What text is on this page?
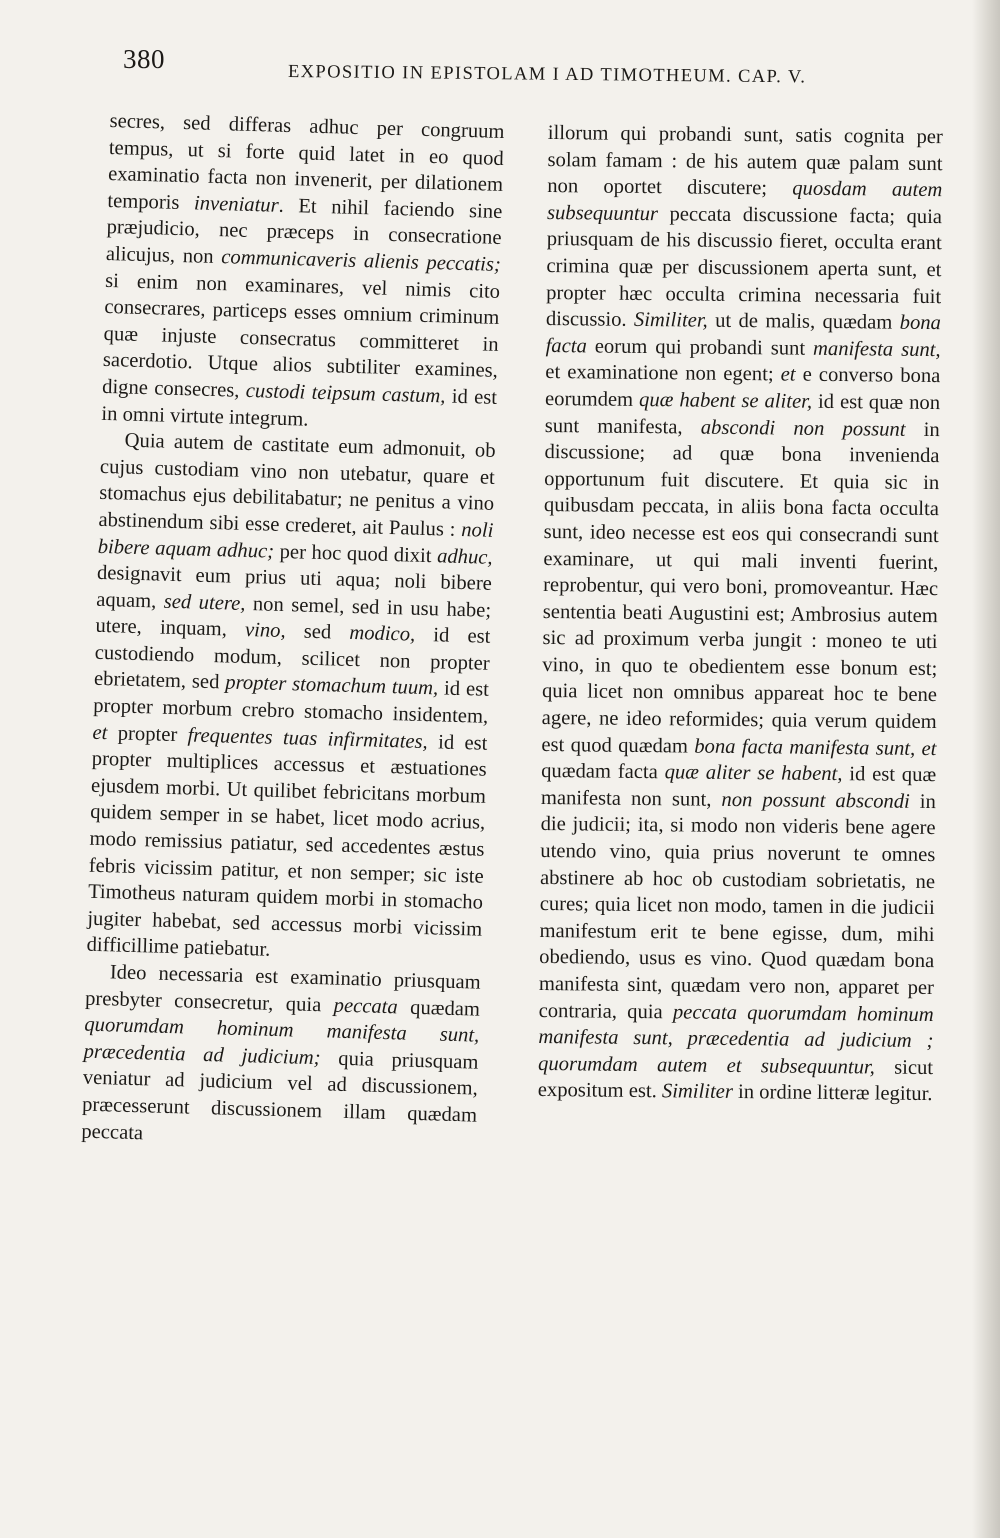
380
EXPOSITIO IN EPISTOLAM I AD TIMOTHEUM. CAP. V.

secres, sed differas adhuc per congruum tempus, ut si forte quid latet in eo quod examinatio facta non invenerit, per dilationem temporis inveniatur. Et nihil faciendo sine præjudicio, nec præceps in consecratione alicujus, non communicaveris alienis peccatis; si enim non examinares, vel nimis cito consecrares, particeps esses omnium criminum quæ injuste consecratus committeret in sacerdotio. Utque alios subtiliter examines, digne consecres, custodi teipsum castum, id est in omni virtute integrum.

Quia autem de castitate eum admonuit, ob cujus custodiam vino non utebatur, quare et stomachus ejus debilitabatur; ne penitus a vino abstinendum sibi esse crederet, ait Paulus : noli bibere aquam adhuc; per hoc quod dixit adhuc, designavit eum prius uti aqua; noli bibere aquam, sed utere, non semel, sed in usu habe; utere, inquam, vino, sed modico, id est custodiendo modum, scilicet non propter ebrietatem, sed propter stomachum tuum, id est propter morbum crebro stomacho insidentem, et propter frequentes tuas infirmitates, id est propter multiplices accessus et æstuationes ejusdem morbi. Ut quilibet febricitans morbum quidem semper in se habet, licet modo acrius, modo remissius patiatur, sed accedentes æstus febris vicissim patitur, et non semper; sic iste Timotheus naturam quidem morbi in stomacho jugiter habebat, sed accessus morbi vicissim difficillime patiebatur.

Ideo necessaria est examinatio priusquam presbyter consecretur, quia peccata quædam quorumdam hominum manifesta sunt, præcedentia ad judicium; quia priusquam veniatur ad judicium vel ad discussionem, præcesserunt discussionem illam quædam peccata

illorum qui probandi sunt, satis cognita per solam famam : de his autem quæ palam sunt non oportet discutere; quosdam autem subsequuntur peccata discussione facta; quia priusquam de his discussio fieret, occulta erant crimina quæ per discussionem aperta sunt, et propter hæc occulta crimina necessaria fuit discussio. Similiter, ut de malis, quædam bona facta eorum qui probandi sunt manifesta sunt, et examinatione non egent; et e converso bona eorumdem quæ habent se aliter, id est quæ non sunt manifesta, abscondi non possunt in discussione; ad quæ bona invenienda opportunum fuit discutere. Et quia sic in quibusdam peccata, in aliis bona facta occulta sunt, ideo necesse est eos qui consecrandi sunt examinare, ut qui mali inventi fuerint, reprobentur, qui vero boni, promoveantur. Hæc sententia beati Augustini est; Ambrosius autem sic ad proximum verba jungit : moneo te uti vino, in quo te obedientem esse bonum est; quia licet non omnibus appareat hoc te bene agere, ne ideo reformides; quia verum quidem est quod quædam bona facta manifesta sunt, et quædam facta quæ aliter se habent, id est quæ manifesta non sunt, non possunt abscondi in die judicii; ita, si modo non videris bene agere utendo vino, quia prius noverunt te omnes abstinere ab hoc ob custodiam sobrietatis, ne cures; quia licet non modo, tamen in die judicii manifestum erit te bene egisse, dum, mihi obediendo, usus es vino. Quod quædam bona manifesta sint, quædam vero non, apparet per contraria, quia peccata quorumdam hominum manifesta sunt, præcedentia ad judicium ; quorumdam autem et subsequuntur, sicut expositum est. Similiter in ordine litteræ legitur.
